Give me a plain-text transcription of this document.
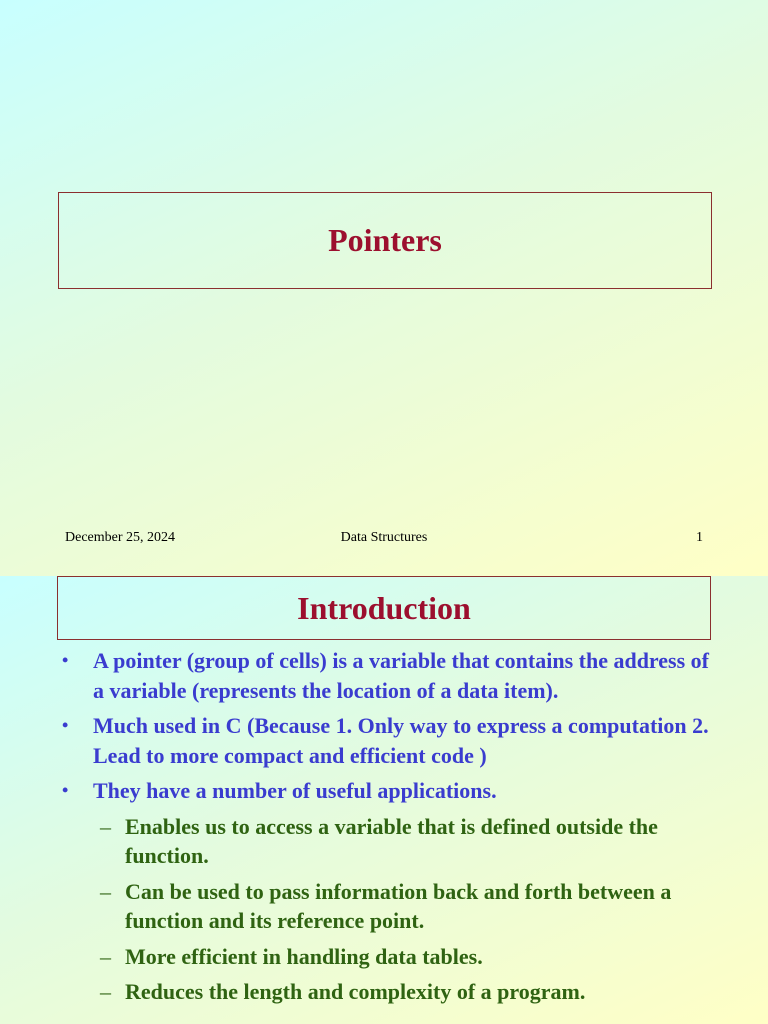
Pointers
December 25, 2024	Data Structures	1
Introduction
• A pointer (group of cells) is a variable that contains the address of a variable (represents the location of a data item).
• Much used in C (Because 1. Only way to express a computation 2. Lead to more compact and efficient code )
• They have a number of useful applications.
– Enables us to access a variable that is defined outside the function.
– Can be used to pass information back and forth between a function and its reference point.
– More efficient in handling data tables.
– Reduces the length and complexity of a program.
